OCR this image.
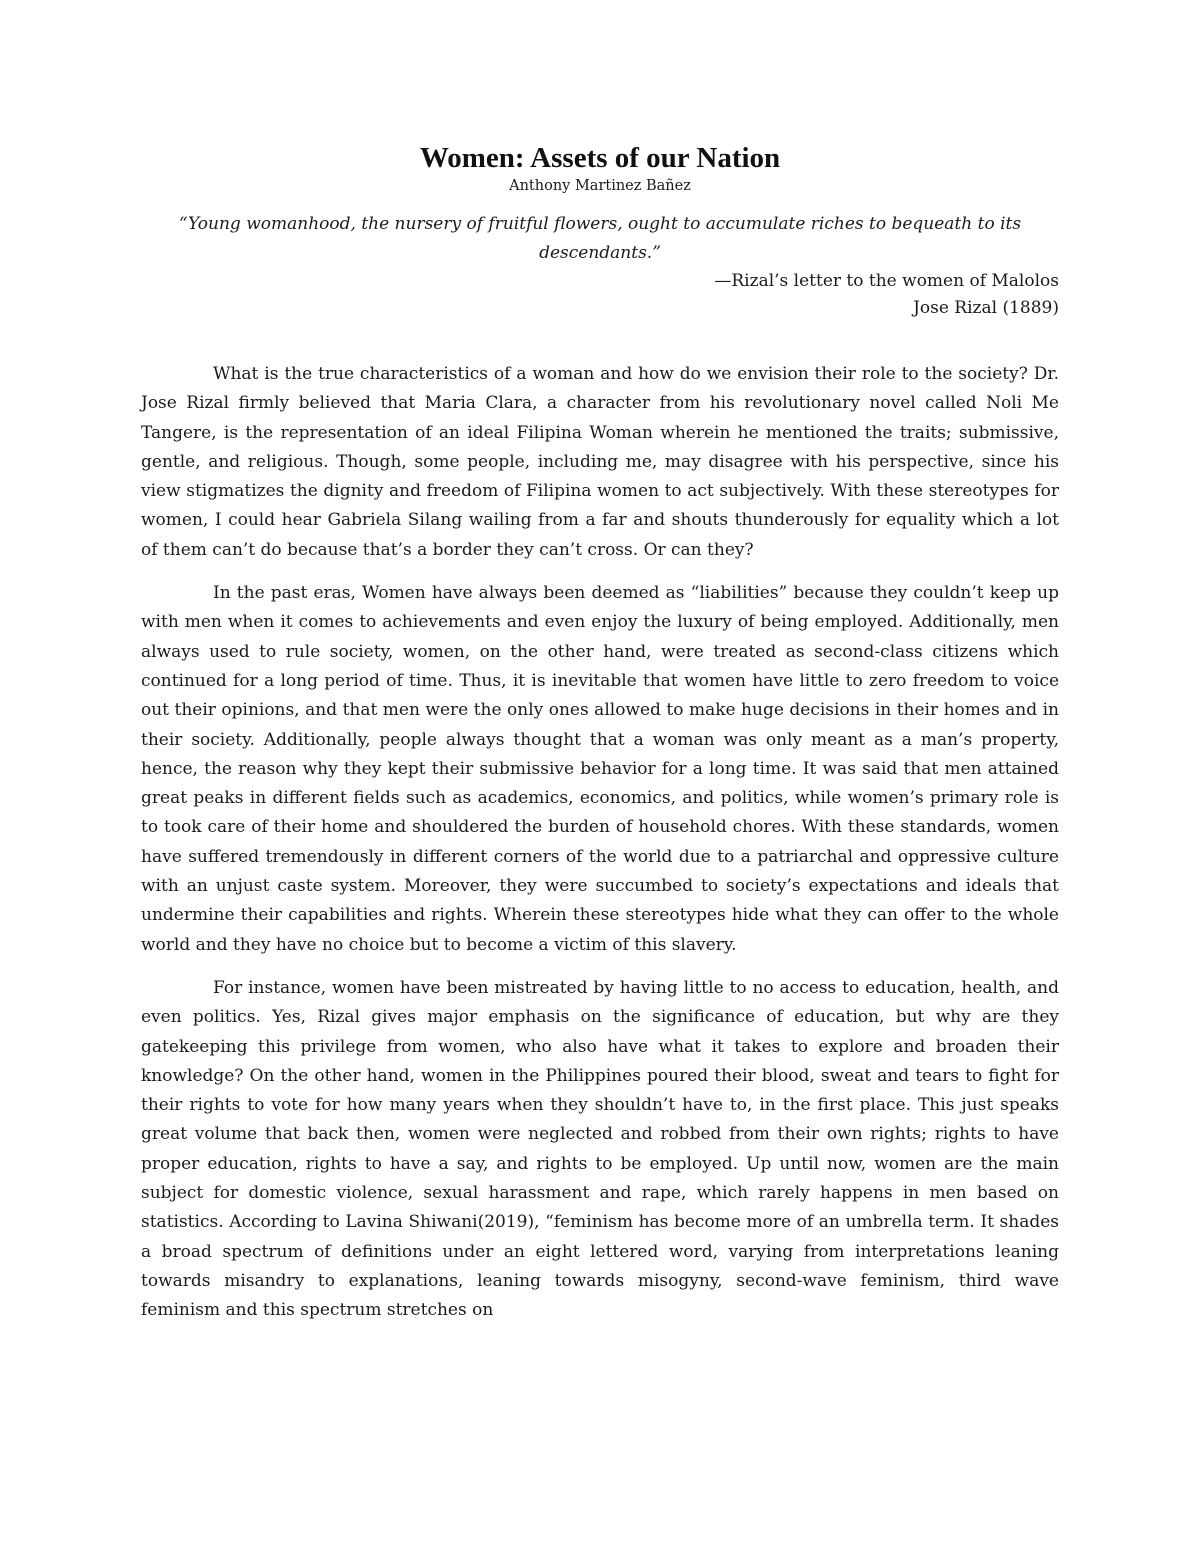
Women: Assets of our Nation

Anthony Martinez Bañez

“Young womanhood, the nursery of fruitful flowers, ought to accumulate riches to bequeath to its descendants.”

—Rizal’s letter to the women of Malolos

Jose Rizal (1889)

What is the true characteristics of a woman and how do we envision their role to the society? Dr. Jose Rizal firmly believed that Maria Clara, a character from his revolutionary novel called Noli Me Tangere, is the representation of an ideal Filipina Woman wherein he mentioned the traits; submissive, gentle, and religious. Though, some people, including me, may disagree with his perspective, since his view stigmatizes the dignity and freedom of Filipina women to act subjectively. With these stereotypes for women, I could hear Gabriela Silang wailing from a far and shouts thunderously for equality which a lot of them can’t do because that’s a border they can’t cross. Or can they?

In the past eras, Women have always been deemed as “liabilities” because they couldn’t keep up with men when it comes to achievements and even enjoy the luxury of being employed. Additionally, men always used to rule society, women, on the other hand, were treated as second-class citizens which continued for a long period of time. Thus, it is inevitable that women have little to zero freedom to voice out their opinions, and that men were the only ones allowed to make huge decisions in their homes and in their society. Additionally, people always thought that a woman was only meant as a man’s property, hence, the reason why they kept their submissive behavior for a long time. It was said that men attained great peaks in different fields such as academics, economics, and politics, while women’s primary role is to took care of their home and shouldered the burden of household chores. With these standards, women have suffered tremendously in different corners of the world due to a patriarchal and oppressive culture with an unjust caste system. Moreover, they were succumbed to society’s expectations and ideals that undermine their capabilities and rights. Wherein these stereotypes hide what they can offer to the whole world and they have no choice but to become a victim of this slavery.

For instance, women have been mistreated by having little to no access to education, health, and even politics. Yes, Rizal gives major emphasis on the significance of education, but why are they gatekeeping this privilege from women, who also have what it takes to explore and broaden their knowledge? On the other hand, women in the Philippines poured their blood, sweat and tears to fight for their rights to vote for how many years when they shouldn’t have to, in the first place. This just speaks great volume that back then, women were neglected and robbed from their own rights; rights to have proper education, rights to have a say, and rights to be employed. Up until now, women are the main subject for domestic violence, sexual harassment and rape, which rarely happens in men based on statistics. According to Lavina Shiwani(2019), “feminism has become more of an umbrella term. It shades a broad spectrum of definitions under an eight lettered word, varying from interpretations leaning towards misandry to explanations, leaning towards misogyny, second-wave feminism, third wave feminism and this spectrum stretches on
